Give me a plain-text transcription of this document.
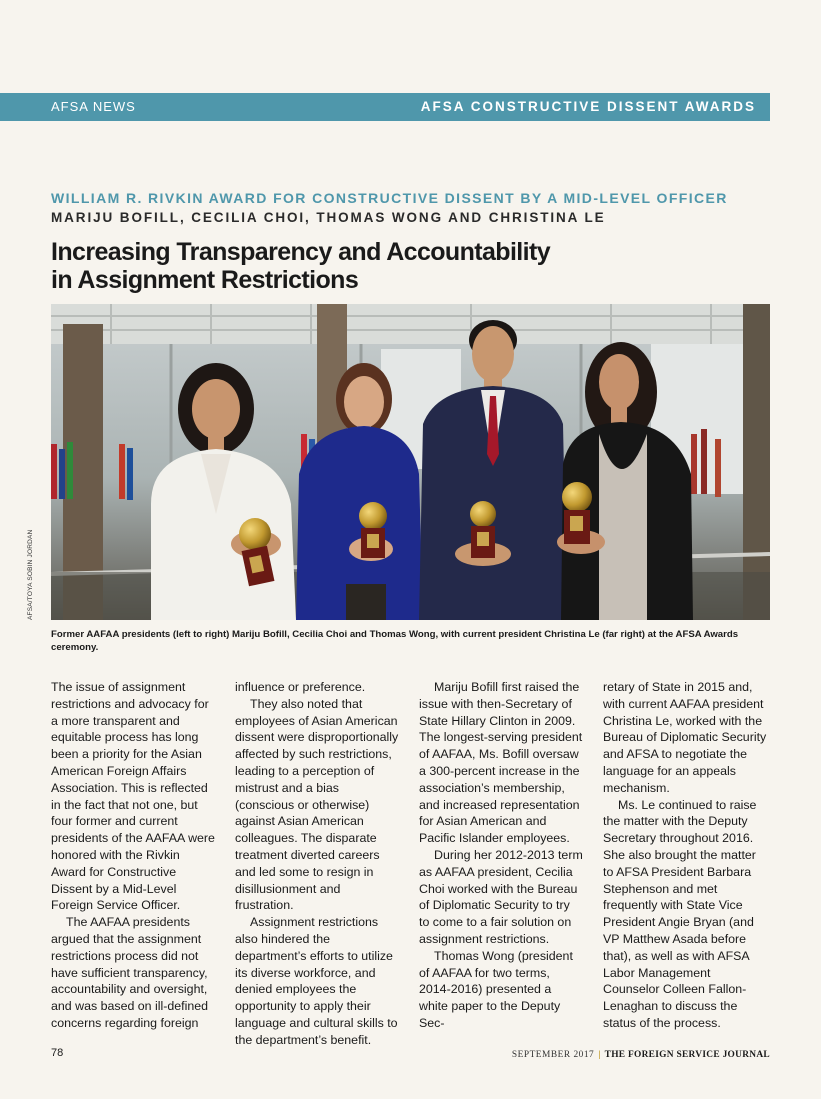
AFSA NEWS	AFSA CONSTRUCTIVE DISSENT AWARDS
WILLIAM R. RIVKIN AWARD FOR CONSTRUCTIVE DISSENT BY A MID-LEVEL OFFICER
MARIJU BOFILL, CECILIA CHOI, THOMAS WONG AND CHRISTINA LE
Increasing Transparency and Accountability
in Assignment Restrictions
AFSA/TOYA SOBIN JORDAN
Former AAFAA presidents (left to right) Mariju Bofill, Cecilia Choi and Thomas Wong, with current president Christina Le (far right) at the AFSA Awards ceremony.

The issue of assignment restrictions and advocacy for a more transparent and equitable process has long been a priority for the Asian American Foreign Affairs Association. This is reflected in the fact that not one, but four former and current presidents of the AAFAA were honored with the Rivkin Award for Constructive Dissent by a Mid-Level Foreign Service Officer.

The AAFAA presidents argued that the assignment restrictions process did not have sufficient transparency, accountability and oversight, and was based on ill-defined concerns regarding foreign

influence or preference.

They also noted that employees of Asian American dissent were disproportionally affected by such restrictions, leading to a perception of mistrust and a bias (conscious or otherwise) against Asian American colleagues. The disparate treatment diverted careers and led some to resign in disillusionment and frustration.

Assignment restrictions also hindered the department’s efforts to utilize its diverse workforce, and denied employees the opportunity to apply their language and cultural skills to the department’s benefit.

Mariju Bofill first raised the issue with then-Secretary of State Hillary Clinton in 2009. The longest-serving president of AAFAA, Ms. Bofill oversaw a 300-percent increase in the association’s membership, and increased representation for Asian American and Pacific Islander employees.

During her 2012-2013 term as AAFAA president, Cecilia Choi worked with the Bureau of Diplomatic Security to try to come to a fair solution on assignment restrictions.

Thomas Wong (president of AAFAA for two terms, 2014-2016) presented a white paper to the Deputy Sec-

retary of State in 2015 and, with current AAFAA president Christina Le, worked with the Bureau of Diplomatic Security and AFSA to negotiate the language for an appeals mechanism.

Ms. Le continued to raise the matter with the Deputy Secretary throughout 2016. She also brought the matter to AFSA President Barbara Stephenson and met frequently with State Vice President Angie Bryan (and VP Matthew Asada before that), as well as with AFSA Labor Management Counselor Colleen Fallon-Lenaghan to discuss the status of the process.

78	SEPTEMBER 2017 | THE FOREIGN SERVICE JOURNAL
